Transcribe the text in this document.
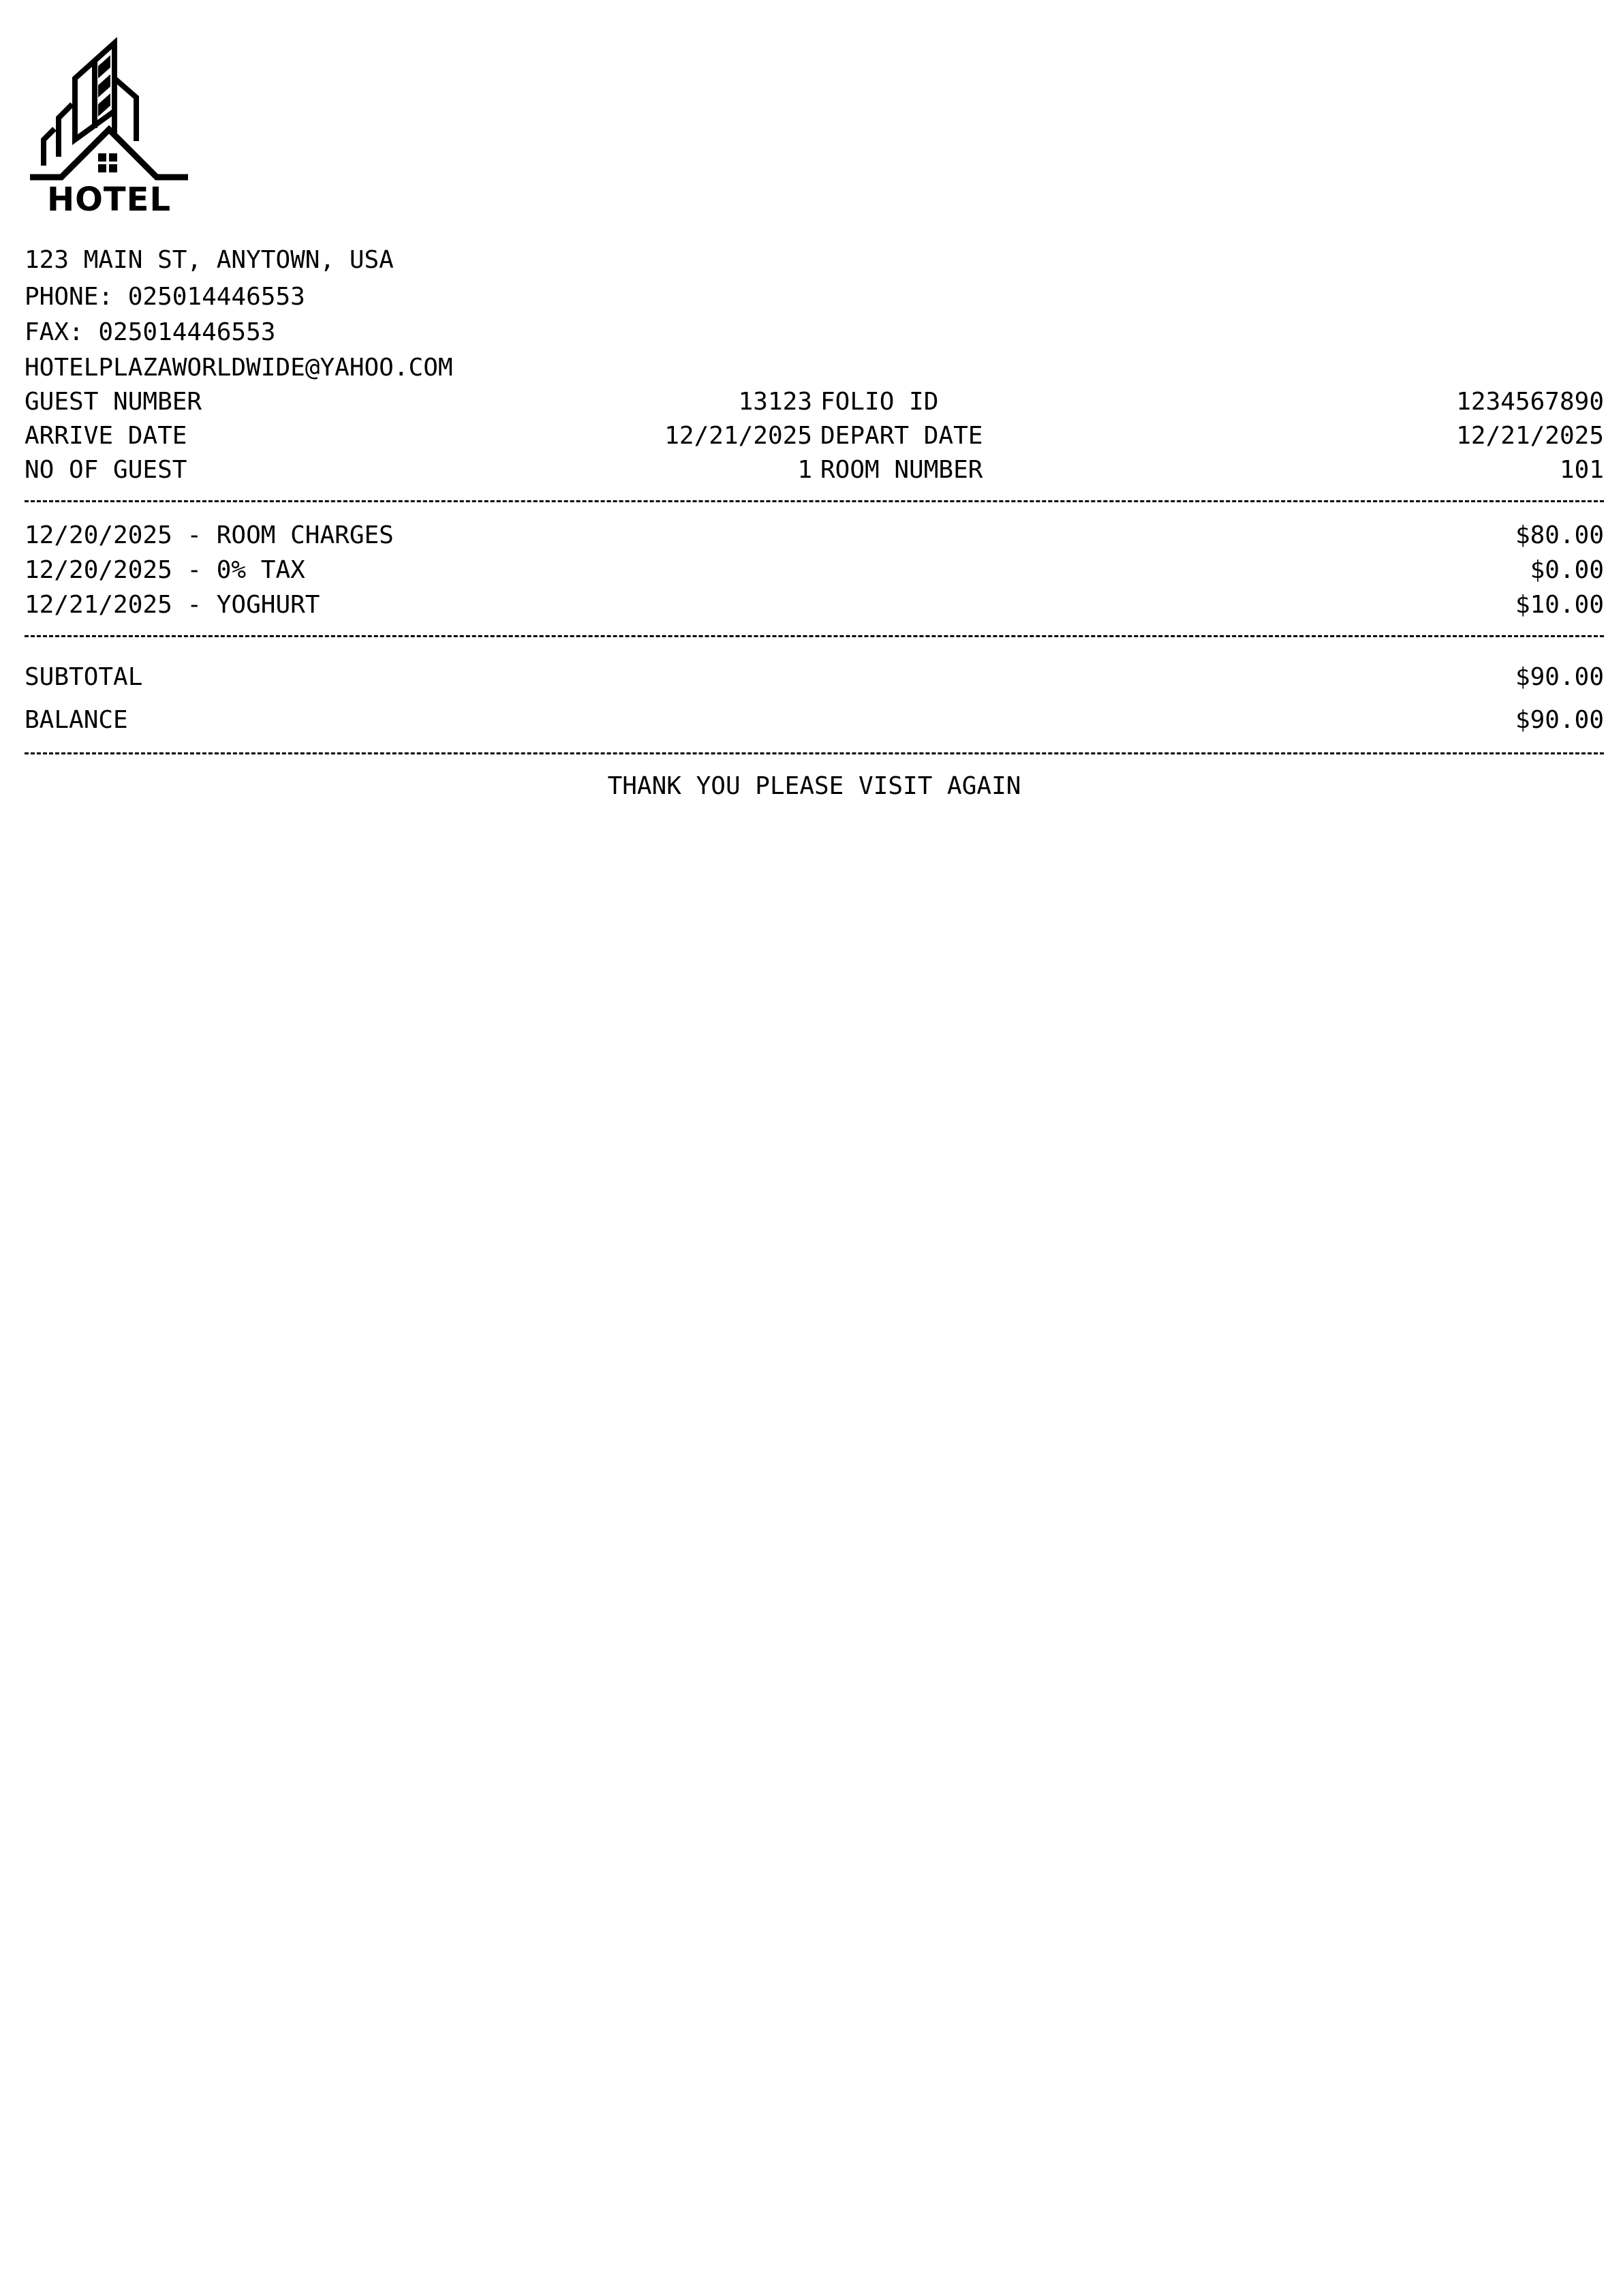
HOTEL
123 MAIN ST, ANYTOWN, USA
PHONE: 025014446553
FAX: 025014446553
HOTELPLAZAWORLDWIDE@YAHOO.COM
GUEST NUMBER	13123 FOLIO ID	1234567890
ARRIVE DATE	12/21/2025 DEPART DATE	12/21/2025
NO OF GUEST	1 ROOM NUMBER	101
12/20/2025 - ROOM CHARGES	$80.00
12/20/2025 - 0% TAX	$0.00
12/21/2025 - YOGHURT	$10.00
SUBTOTAL	$90.00
BALANCE	$90.00
THANK YOU PLEASE VISIT AGAIN
